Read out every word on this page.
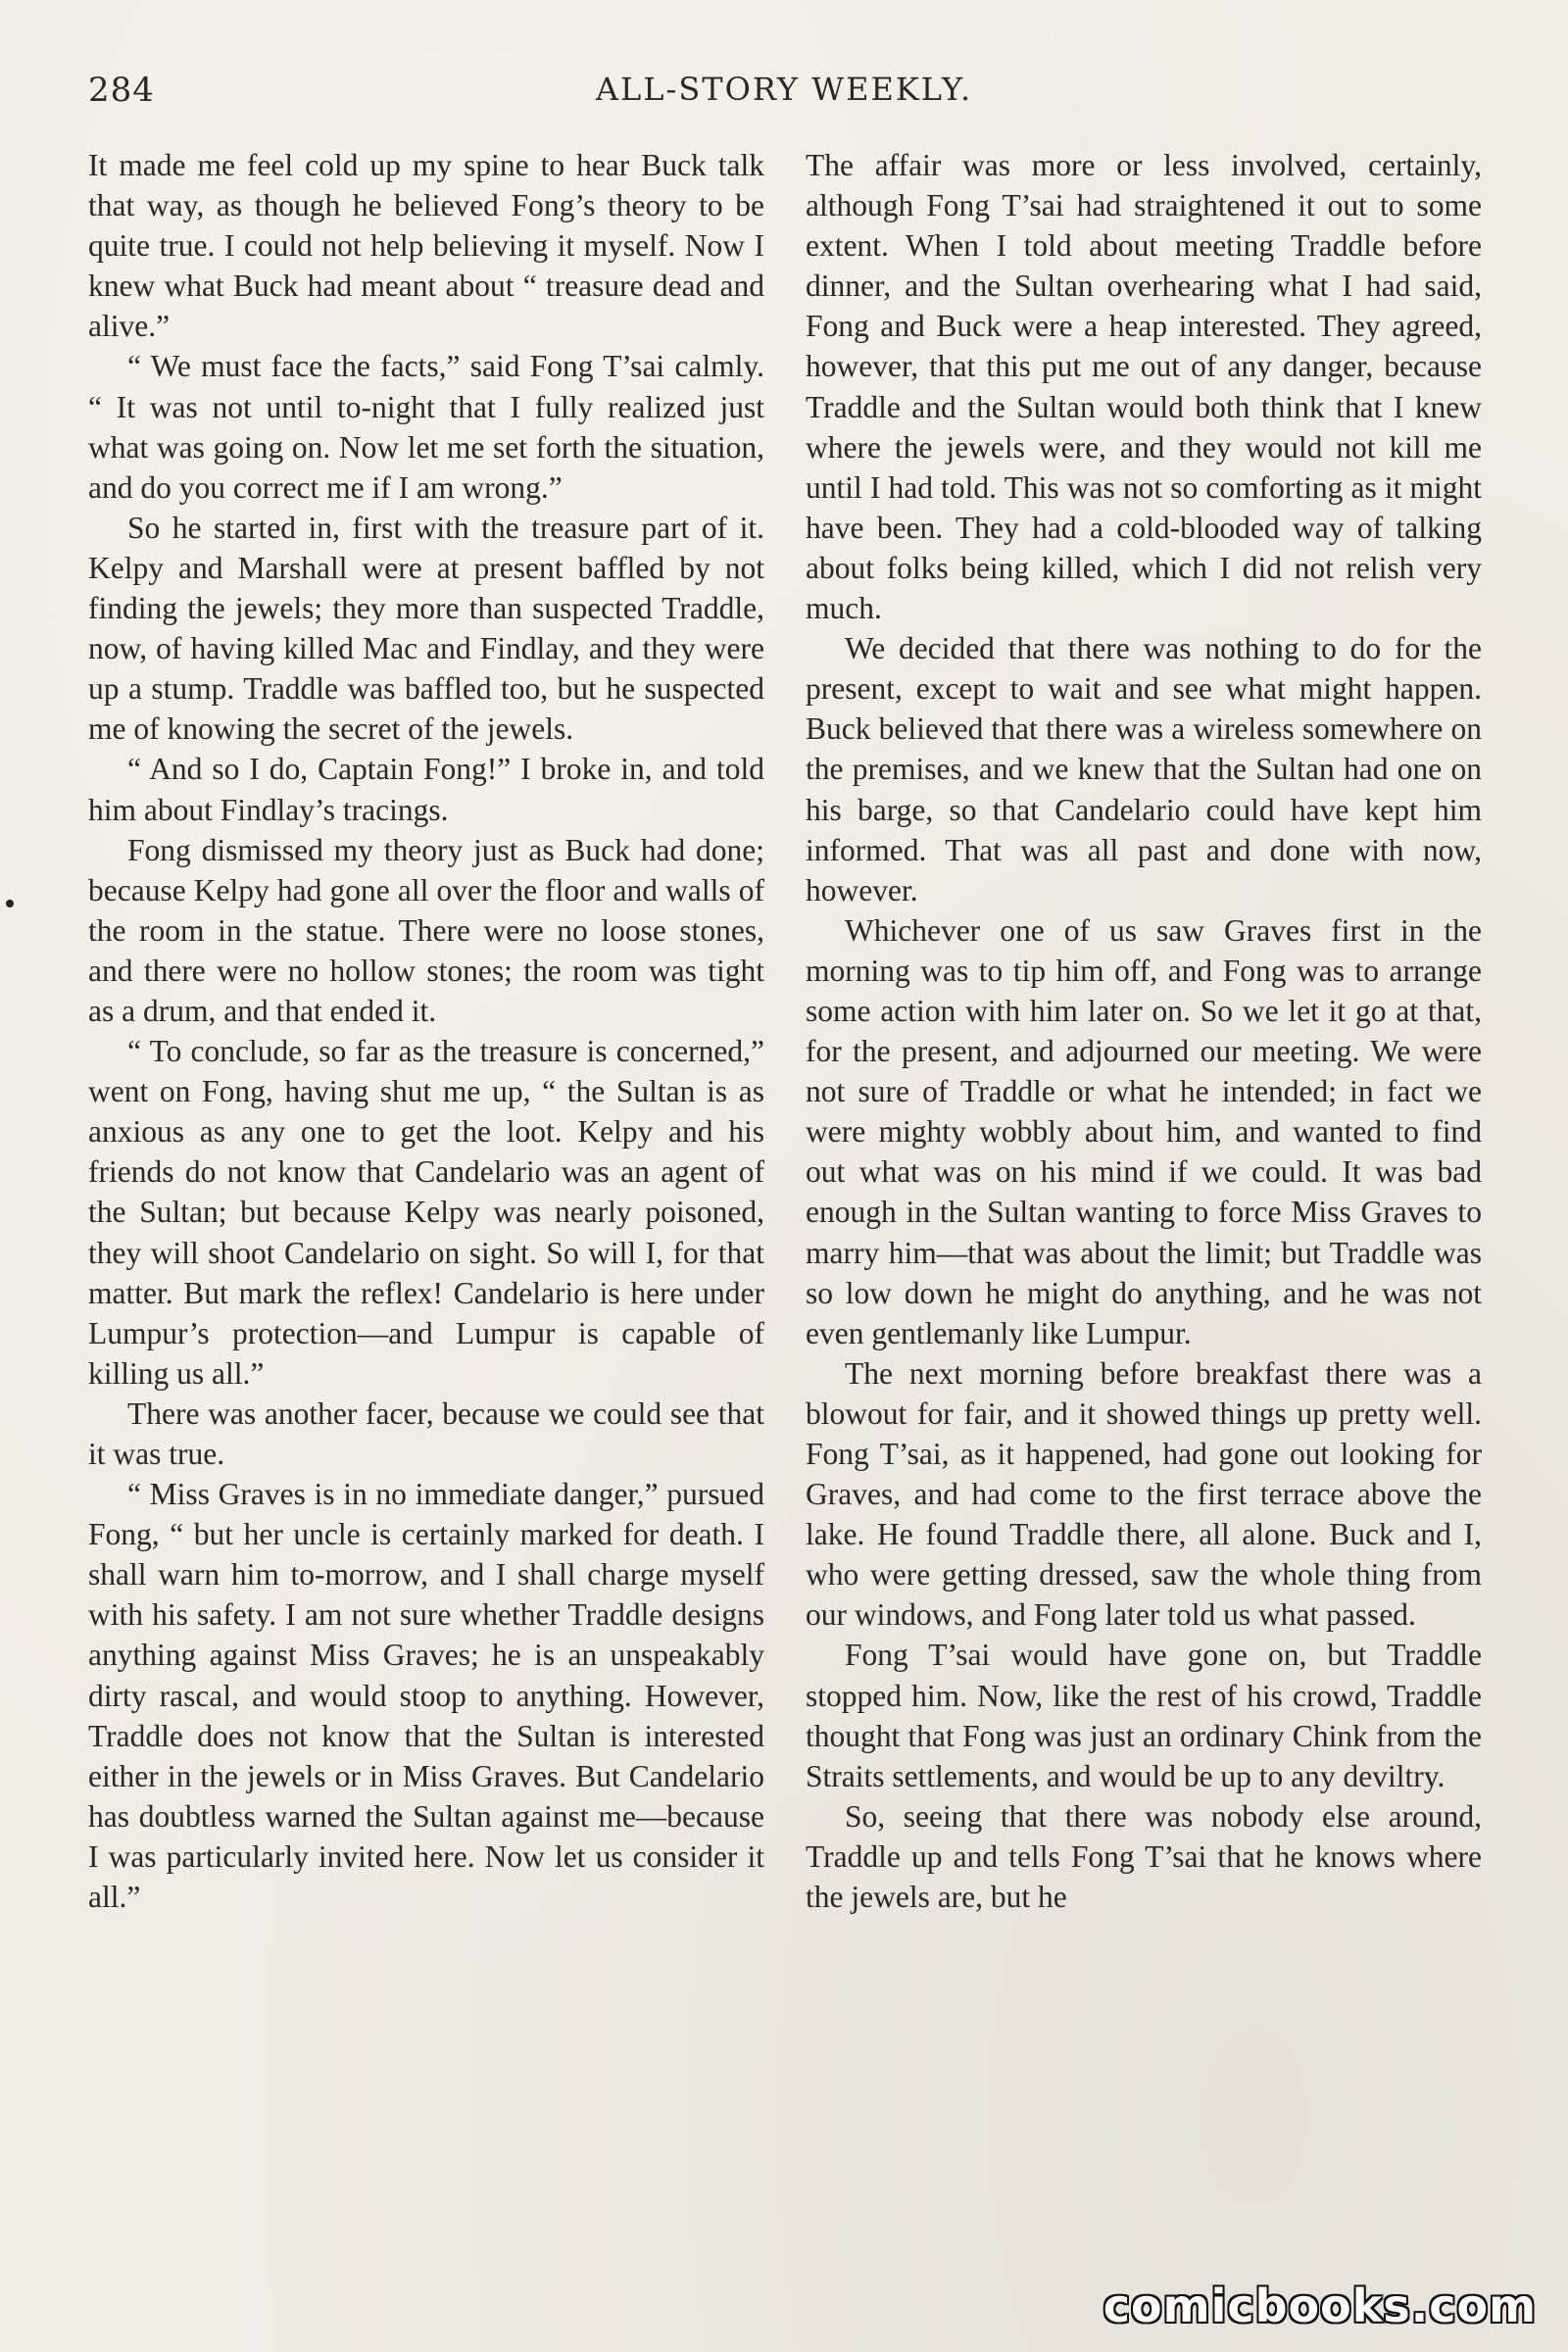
284	ALL-STORY WEEKLY.

It made me feel cold up my spine to hear Buck talk that way, as though he believed Fong’s theory to be quite true. I could not help believing it myself. Now I knew what Buck had meant about “ treasure dead and alive.”

“ We must face the facts,” said Fong T’sai calmly. “ It was not until to-night that I fully realized just what was going on. Now let me set forth the situation, and do you correct me if I am wrong.”

So he started in, first with the treasure part of it. Kelpy and Marshall were at present baffled by not finding the jewels; they more than suspected Traddle, now, of having killed Mac and Findlay, and they were up a stump. Traddle was baffled too, but he suspected me of knowing the secret of the jewels.

“ And so I do, Captain Fong!” I broke in, and told him about Findlay’s tracings.

Fong dismissed my theory just as Buck had done; because Kelpy had gone all over the floor and walls of the room in the statue. There were no loose stones, and there were no hollow stones; the room was tight as a drum, and that ended it.

“ To conclude, so far as the treasure is concerned,” went on Fong, having shut me up, “ the Sultan is as anxious as any one to get the loot. Kelpy and his friends do not know that Candelario was an agent of the Sultan; but because Kelpy was nearly poisoned, they will shoot Candelario on sight. So will I, for that matter. But mark the reflex! Candelario is here under Lumpur’s protection—and Lumpur is capable of killing us all.”

There was another facer, because we could see that it was true.

“ Miss Graves is in no immediate danger,” pursued Fong, “ but her uncle is certainly marked for death. I shall warn him to-morrow, and I shall charge myself with his safety. I am not sure whether Traddle designs anything against Miss Graves; he is an unspeakably dirty rascal, and would stoop to anything. However, Traddle does not know that the Sultan is interested either in the jewels or in Miss Graves. But Candelario has doubtless warned the Sultan against me—because I was particularly invited here. Now let us consider it all.”

The affair was more or less involved, certainly, although Fong T’sai had straightened it out to some extent. When I told about meeting Traddle before dinner, and the Sultan overhearing what I had said, Fong and Buck were a heap interested. They agreed, however, that this put me out of any danger, because Traddle and the Sultan would both think that I knew where the jewels were, and they would not kill me until I had told. This was not so comforting as it might have been. They had a cold-blooded way of talking about folks being killed, which I did not relish very much.

We decided that there was nothing to do for the present, except to wait and see what might happen. Buck believed that there was a wireless somewhere on the premises, and we knew that the Sultan had one on his barge, so that Candelario could have kept him informed. That was all past and done with now, however.

Whichever one of us saw Graves first in the morning was to tip him off, and Fong was to arrange some action with him later on. So we let it go at that, for the present, and adjourned our meeting. We were not sure of Traddle or what he intended; in fact we were mighty wobbly about him, and wanted to find out what was on his mind if we could. It was bad enough in the Sultan wanting to force Miss Graves to marry him—that was about the limit; but Traddle was so low down he might do anything, and he was not even gentlemanly like Lumpur.

The next morning before breakfast there was a blowout for fair, and it showed things up pretty well. Fong T’sai, as it happened, had gone out looking for Graves, and had come to the first terrace above the lake. He found Traddle there, all alone. Buck and I, who were getting dressed, saw the whole thing from our windows, and Fong later told us what passed.

Fong T’sai would have gone on, but Traddle stopped him. Now, like the rest of his crowd, Traddle thought that Fong was just an ordinary Chink from the Straits settlements, and would be up to any deviltry.

So, seeing that there was nobody else around, Traddle up and tells Fong T’sai that he knows where the jewels are, but he

comicbooks.com
